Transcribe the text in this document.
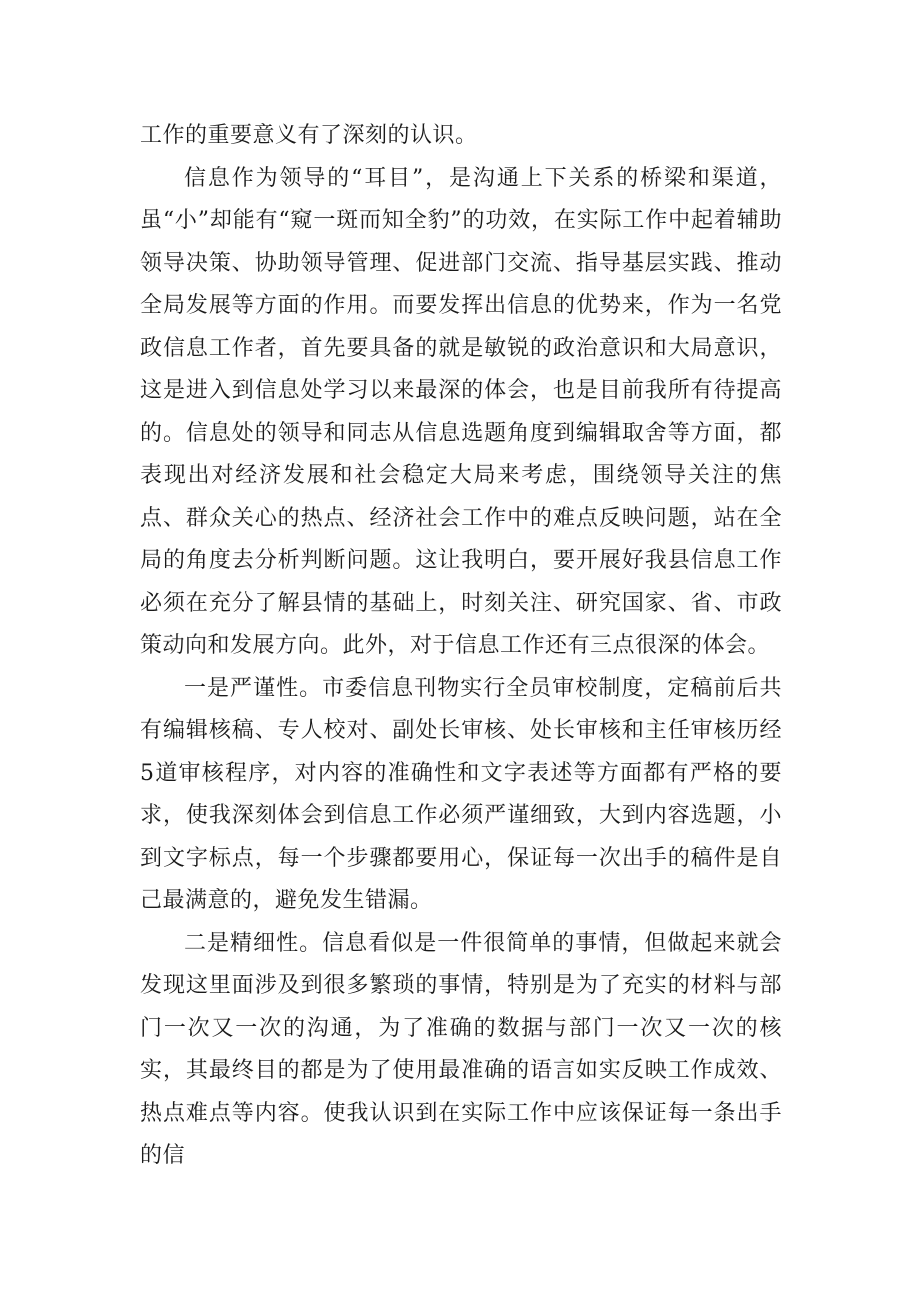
工作的重要意义有了深刻的认识。

信息作为领导的“耳目”，是沟通上下关系的桥梁和渠道，虽“小”却能有“窥一斑而知全豹”的功效，在实际工作中起着辅助领导决策、协助领导管理、促进部门交流、指导基层实践、推动全局发展等方面的作用。而要发挥出信息的优势来，作为一名党政信息工作者，首先要具备的就是敏锐的政治意识和大局意识，这是进入到信息处学习以来最深的体会，也是目前我所有待提高的。信息处的领导和同志从信息选题角度到编辑取舍等方面，都表现出对经济发展和社会稳定大局来考虑，围绕领导关注的焦点、群众关心的热点、经济社会工作中的难点反映问题，站在全局的角度去分析判断问题。这让我明白，要开展好我县信息工作必须在充分了解县情的基础上，时刻关注、研究国家、省、市政策动向和发展方向。此外，对于信息工作还有三点很深的体会。

一是严谨性。市委信息刊物实行全员审校制度，定稿前后共有编辑核稿、专人校对、副处长审核、处长审核和主任审核历经5道审核程序，对内容的准确性和文字表述等方面都有严格的要求，使我深刻体会到信息工作必须严谨细致，大到内容选题，小到文字标点，每一个步骤都要用心，保证每一次出手的稿件是自己最满意的，避免发生错漏。

二是精细性。信息看似是一件很简单的事情，但做起来就会发现这里面涉及到很多繁琐的事情，特别是为了充实的材料与部门一次又一次的沟通，为了准确的数据与部门一次又一次的核实，其最终目的都是为了使用最准确的语言如实反映工作成效、热点难点等内容。使我认识到在实际工作中应该保证每一条出手的信
